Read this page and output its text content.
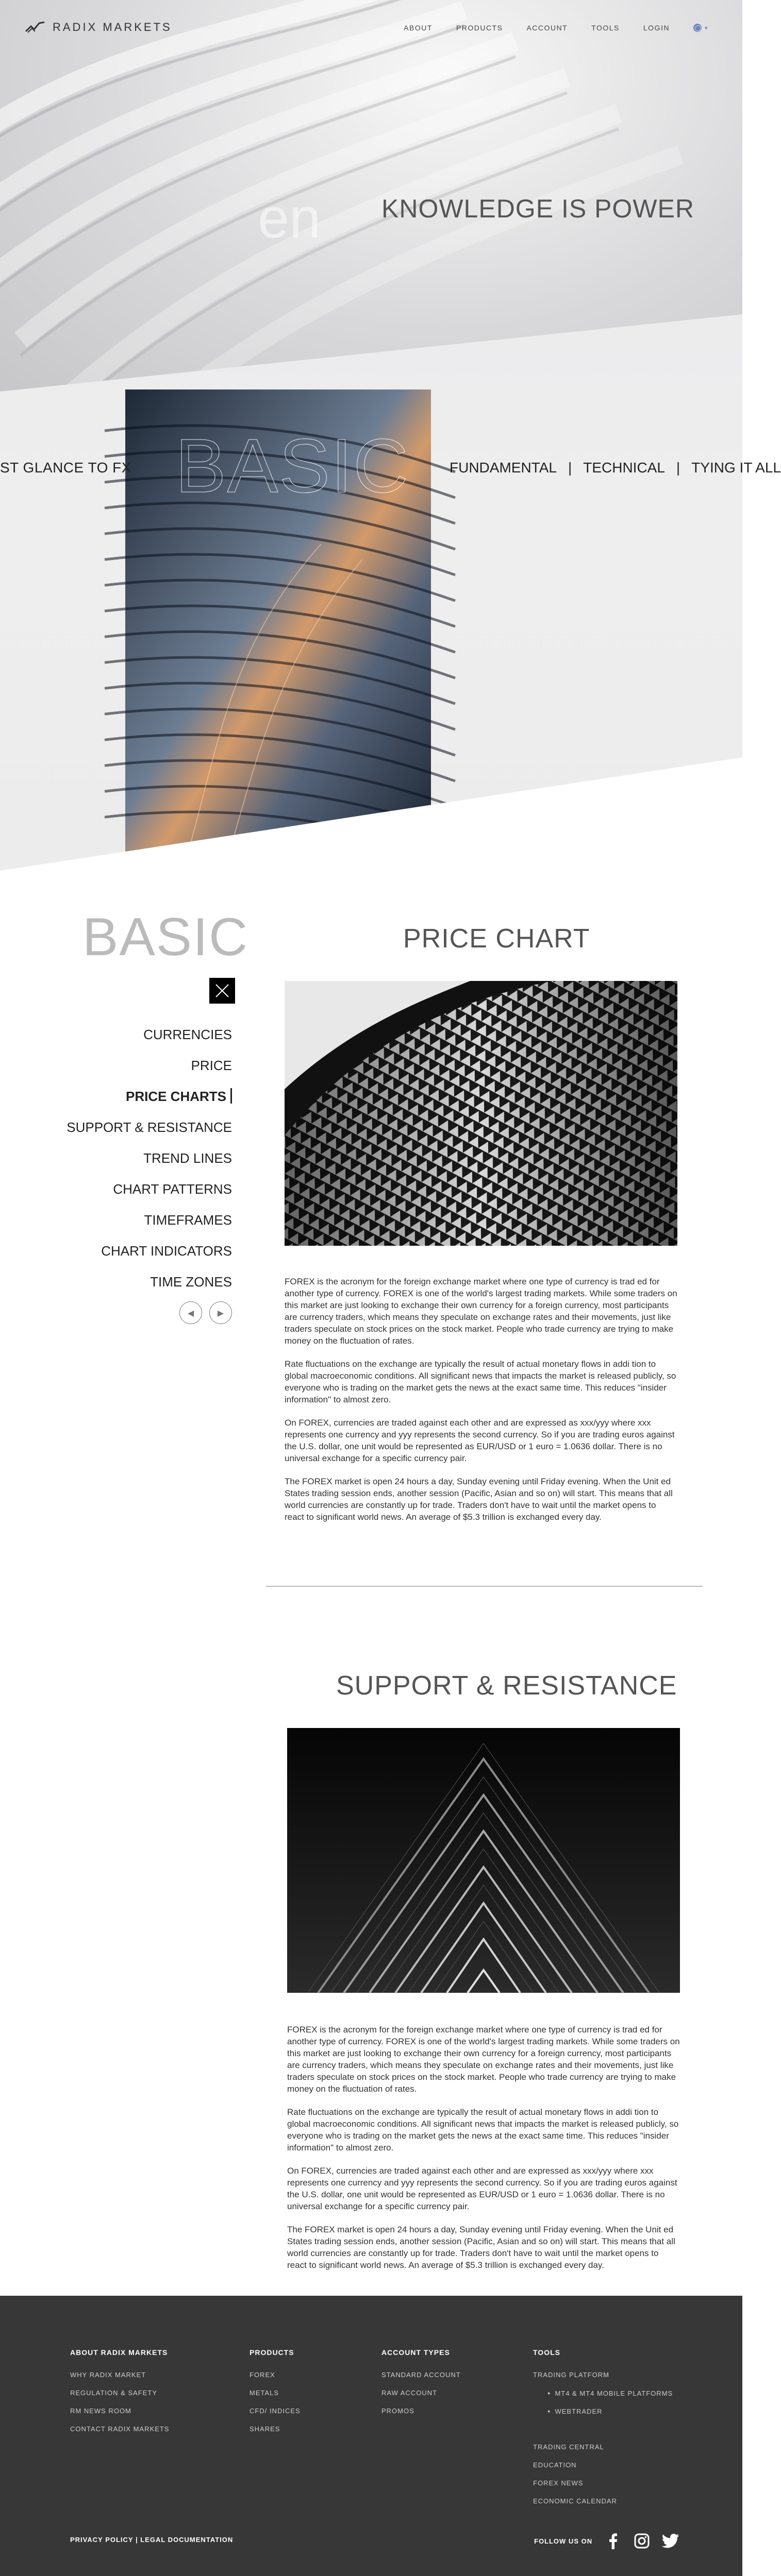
RADIX MARKETS	ABOUT	PRODUCTS	ACCOUNT	TOOLS	LOGIN	▾
en KNOWLEDGE IS POWER
BASIC
ST GLANCE TO FX	FUNDAMENTAL | TECHNICAL | TYING IT ALL
BASIC
CURRENCIES
PRICE
PRICE CHARTS
SUPPORT & RESISTANCE
TREND LINES
CHART PATTERNS
TIMEFRAMES
CHART INDICATORS
TIME ZONES
◀	▶
PRICE CHART

FOREX is the acronym for the foreign exchange market where one type of currency is trad ed for another type of currency. FOREX is one of the world's largest trading markets. While some traders on this market are just looking to exchange their own currency for a foreign currency, most participants are currency traders, which means they speculate on exchange rates and their movements, just like traders speculate on stock prices on the stock market. People who trade currency are trying to make money on the fluctuation of rates.

Rate fluctuations on the exchange are typically the result of actual monetary flows in addi tion to global macroeconomic conditions. All significant news that impacts the market is released publicly, so everyone who is trading on the market gets the news at the exact same time. This reduces "insider information" to almost zero.

On FOREX, currencies are traded against each other and are expressed as xxx/yyy where xxx represents one currency and yyy represents the second currency. So if you are trading euros against the U.S. dollar, one unit would be represented as EUR/USD or 1 euro = 1.0636 dollar. There is no universal exchange for a specific currency pair.

The FOREX market is open 24 hours a day, Sunday evening until Friday evening. When the Unit ed States trading session ends, another session (Pacific, Asian and so on) will start. This means that all world currencies are constantly up for trade. Traders don't have to wait until the market opens to react to significant world news. An average of $5.3 trillion is exchanged every day.

SUPPORT & RESISTANCE

FOREX is the acronym for the foreign exchange market where one type of currency is trad ed for another type of currency. FOREX is one of the world's largest trading markets. While some traders on this market are just looking to exchange their own currency for a foreign currency, most participants are currency traders, which means they speculate on exchange rates and their movements, just like traders speculate on stock prices on the stock market. People who trade currency are trying to make money on the fluctuation of rates.

Rate fluctuations on the exchange are typically the result of actual monetary flows in addi tion to global macroeconomic conditions. All significant news that impacts the market is released publicly, so everyone who is trading on the market gets the news at the exact same time. This reduces "insider information" to almost zero.

On FOREX, currencies are traded against each other and are expressed as xxx/yyy where xxx represents one currency and yyy represents the second currency. So if you are trading euros against the U.S. dollar, one unit would be represented as EUR/USD or 1 euro = 1.0636 dollar. There is no universal exchange for a specific currency pair.

The FOREX market is open 24 hours a day, Sunday evening until Friday evening. When the Unit ed States trading session ends, another session (Pacific, Asian and so on) will start. This means that all world currencies are constantly up for trade. Traders don't have to wait until the market opens to react to significant world news. An average of $5.3 trillion is exchanged every day.

ABOUT RADIX MARKETS
WHY RADIX MARKET
REGULATION & SAFETY
RM NEWS ROOM
CONTACT RADIX MARKETS
PRODUCTS
FOREX
METALS
CFD/ INDICES
SHARES
ACCOUNT TYPES
STANDARD ACCOUNT
RAW ACCOUNT
PROMOS
TOOLS
TRADING PLATFORM
● MT4 & MT4 MOBILE PLATFORMS
● WEBTRADER
TRADING CENTRAL
EDUCATION
FOREX NEWS
ECONOMIC CALENDAR
PRIVACY POLICY | LEGAL DOCUMENTATION	FOLLOW US ON
